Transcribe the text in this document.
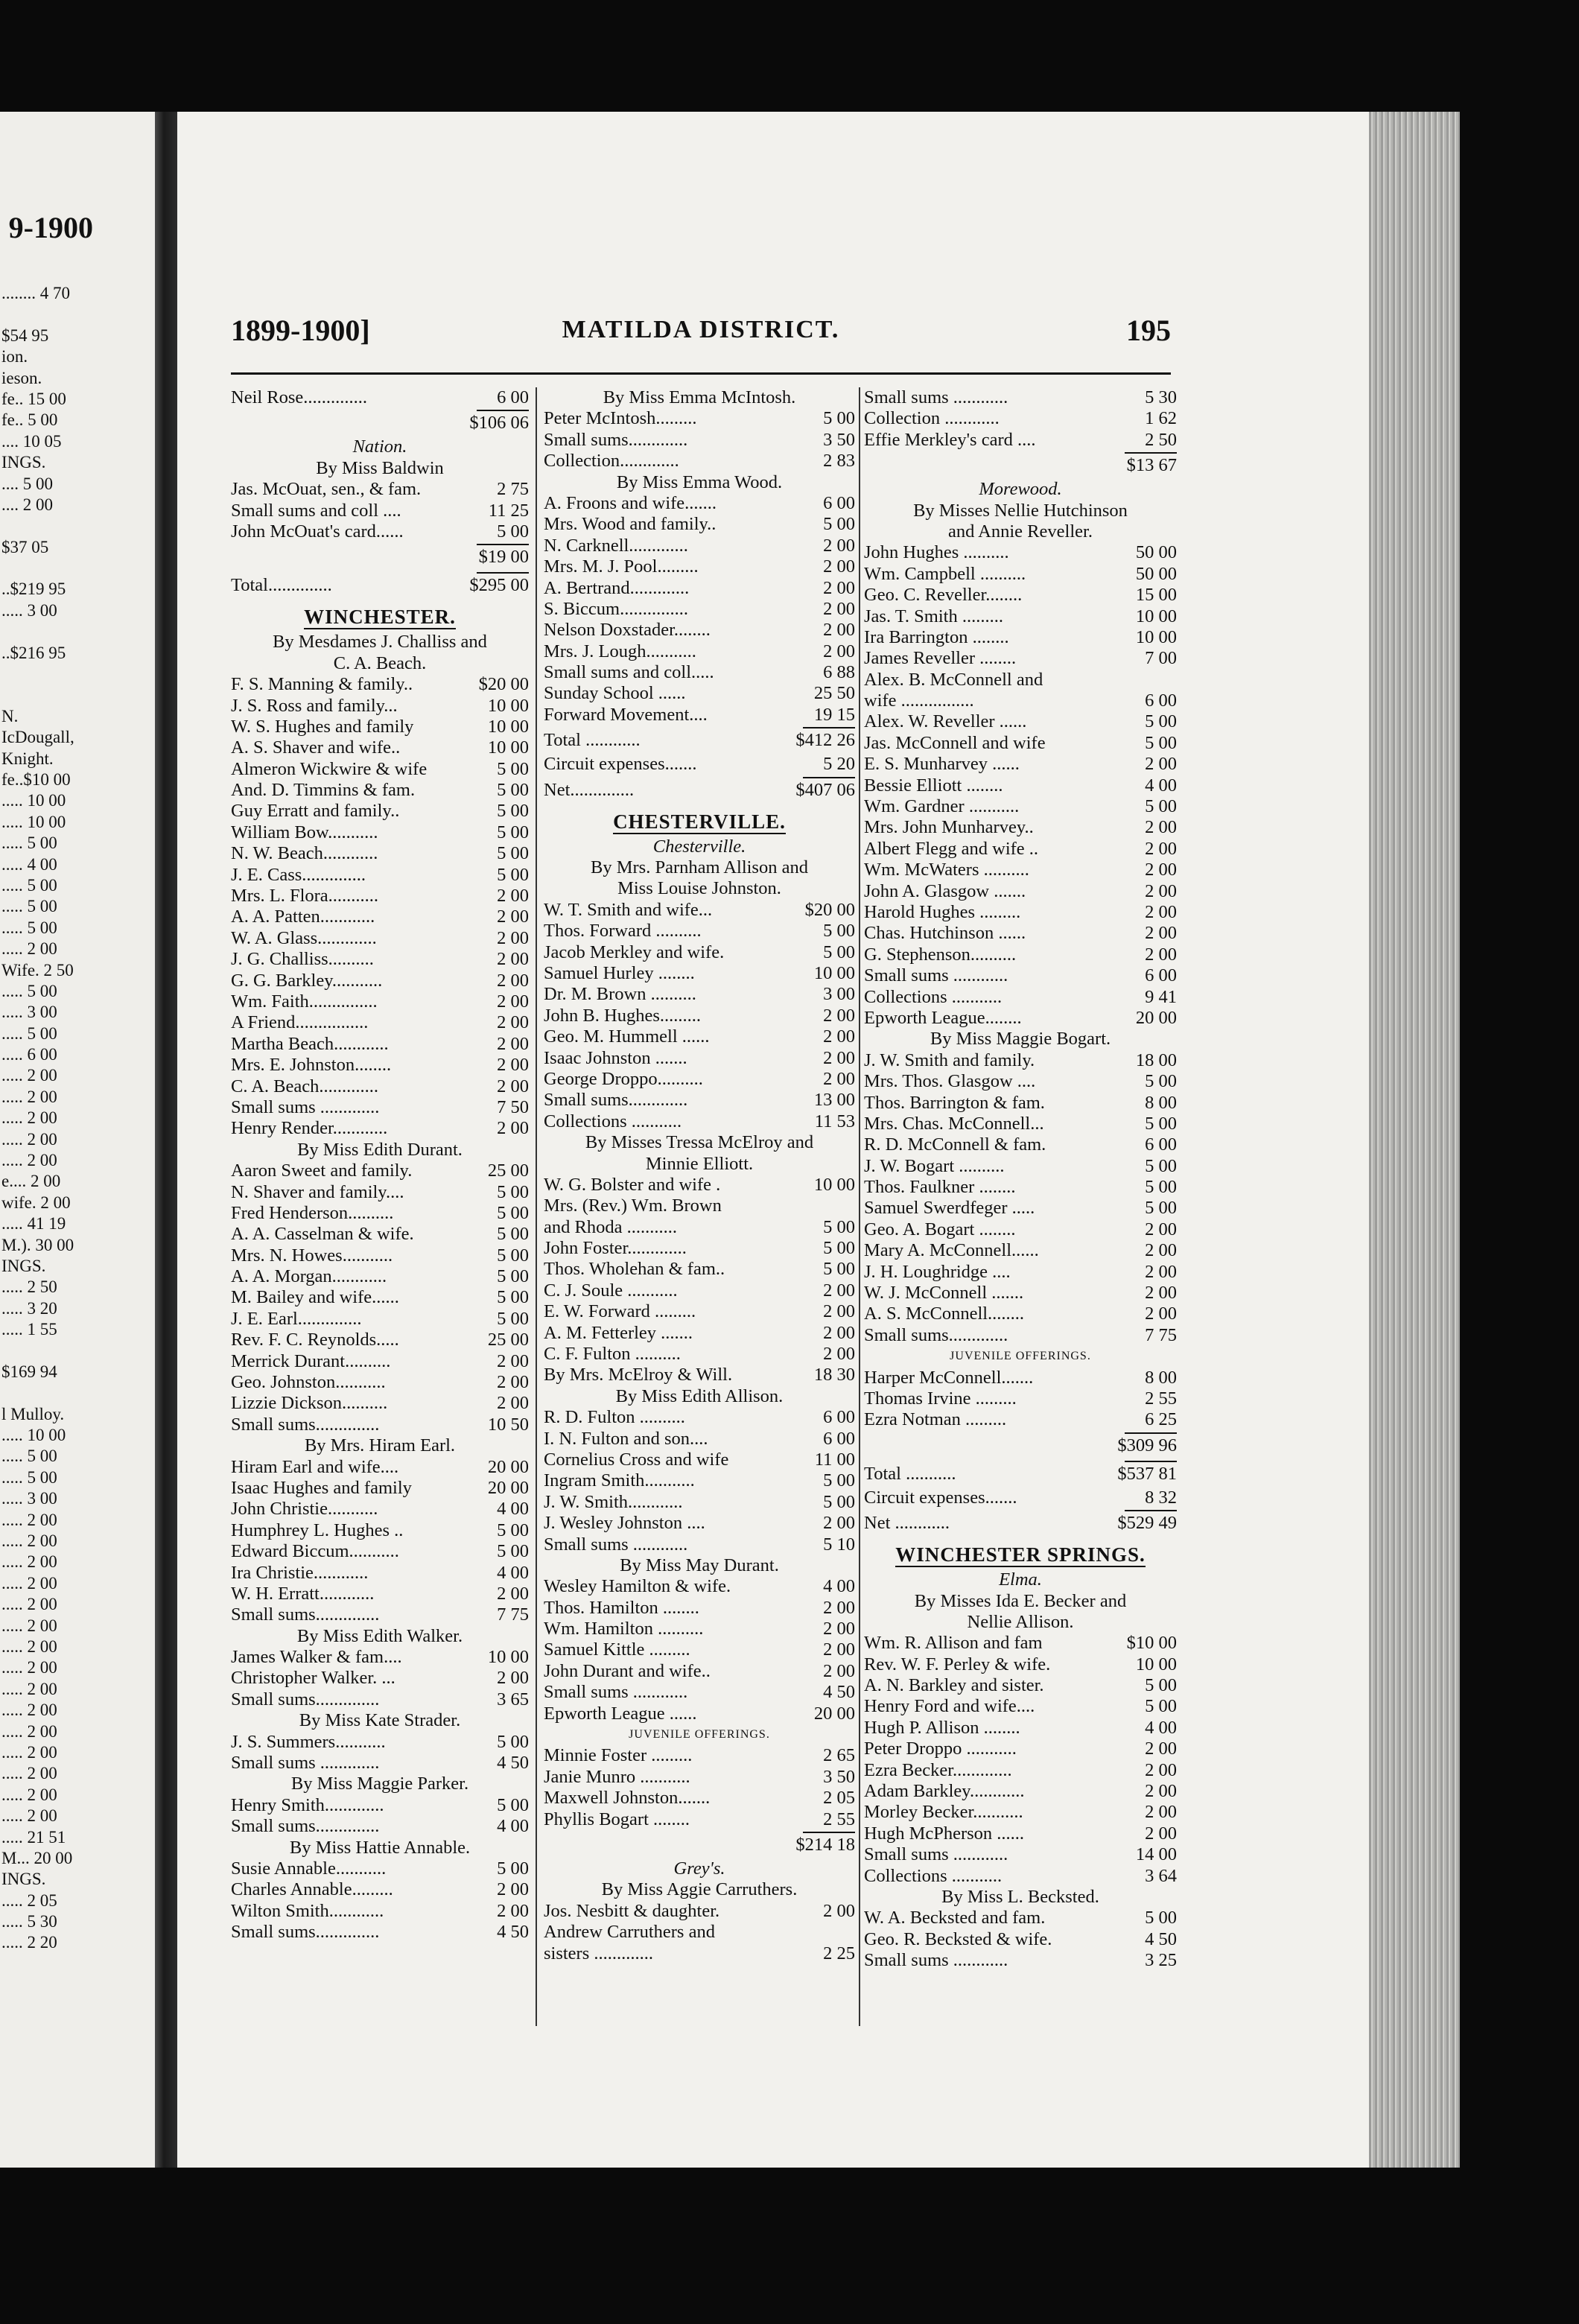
9-1900
........ 4 70
$54 95
ion.
ieson.
fe.. 15 00
fe.. 5 00
.... 10 05
INGS.
.... 5 00
.... 2 00
$37 05
..$219 95
..... 3 00
..$216 95
N.
IcDougall,
Knight.
fe..$10 00
..... 10 00
..... 10 00
..... 5 00
..... 4 00
..... 5 00
..... 5 00
..... 5 00
..... 2 00
Wife. 2 50
..... 5 00
..... 3 00
..... 5 00
..... 6 00
..... 2 00
..... 2 00
..... 2 00
..... 2 00
..... 2 00
e.... 2 00
wife. 2 00
..... 41 19
M.). 30 00
INGS.
..... 2 50
..... 3 20
..... 1 55
$169 94
l Mulloy.
..... 10 00
..... 5 00
..... 5 00
..... 3 00
..... 2 00
..... 2 00
..... 2 00
..... 2 00
..... 2 00
..... 2 00
..... 2 00
..... 2 00
..... 2 00
..... 2 00
..... 2 00
..... 2 00
..... 2 00
..... 2 00
..... 2 00
..... 21 51
M... 20 00
INGS.
..... 2 05
..... 5 30
..... 2 20
1899-1900]	MATILDA DISTRICT.	195
Neil Rose..............	6 00
$106 06
Nation.
By Miss Baldwin
Jas. McOuat, sen., & fam.	2 75
Small sums and coll ....	11 25
John McOuat's card......	5 00
$19 00
Total..............	$295 00
WINCHESTER.
By Mesdames J. Challiss and
C. A. Beach.
F. S. Manning & family..	$20 00
J. S. Ross and family...	10 00
W. S. Hughes and family	10 00
A. S. Shaver and wife..	10 00
Almeron Wickwire & wife	5 00
And. D. Timmins & fam.	5 00
Guy Erratt and family..	5 00
William Bow...........	5 00
N. W. Beach............	5 00
J. E. Cass..............	5 00
Mrs. L. Flora...........	2 00
A. A. Patten............	2 00
W. A. Glass.............	2 00
J. G. Challiss..........	2 00
G. G. Barkley...........	2 00
Wm. Faith...............	2 00
A Friend................	2 00
Martha Beach............	2 00
Mrs. E. Johnston........	2 00
C. A. Beach.............	2 00
Small sums .............	7 50
Henry Render............	2 00
By Miss Edith Durant.
Aaron Sweet and family.	25 00
N. Shaver and family....	5 00
Fred Henderson..........	5 00
A. A. Casselman & wife.	5 00
Mrs. N. Howes...........	5 00
A. A. Morgan............	5 00
M. Bailey and wife......	5 00
J. E. Earl..............	5 00
Rev. F. C. Reynolds.....	25 00
Merrick Durant..........	2 00
Geo. Johnston...........	2 00
Lizzie Dickson..........	2 00
Small sums..............	10 50
By Mrs. Hiram Earl.
Hiram Earl and wife....	20 00
Isaac Hughes and family	20 00
John Christie...........	4 00
Humphrey L. Hughes ..	5 00
Edward Biccum...........	5 00
Ira Christie............	4 00
W. H. Erratt............	2 00
Small sums..............	7 75
By Miss Edith Walker.
James Walker & fam....	10 00
Christopher Walker. ...	2 00
Small sums..............	3 65
By Miss Kate Strader.
J. S. Summers...........	5 00
Small sums .............	4 50
By Miss Maggie Parker.
Henry Smith.............	5 00
Small sums..............	4 00
By Miss Hattie Annable.
Susie Annable...........	5 00
Charles Annable.........	2 00
Wilton Smith............	2 00
Small sums..............	4 50
By Miss Emma McIntosh.
Peter McIntosh.........	5 00
Small sums.............	3 50
Collection.............	2 83
By Miss Emma Wood.
A. Froons and wife.......	6 00
Mrs. Wood and family..	5 00
N. Carknell.............	2 00
Mrs. M. J. Pool.........	2 00
A. Bertrand.............	2 00
S. Biccum...............	2 00
Nelson Doxstader........	2 00
Mrs. J. Lough...........	2 00
Small sums and coll.....	6 88
Sunday School ......	25 50
Forward Movement....	19 15
Total ............	$412 26
Circuit expenses.......	5 20
Net..............	$407 06
CHESTERVILLE.
Chesterville.
By Mrs. Parnham Allison and
Miss Louise Johnston.
W. T. Smith and wife...	$20 00
Thos. Forward ..........	5 00
Jacob Merkley and wife.	5 00
Samuel Hurley ........	10 00
Dr. M. Brown ..........	3 00
John B. Hughes.........	2 00
Geo. M. Hummell ......	2 00
Isaac Johnston .......	2 00
George Droppo..........	2 00
Small sums.............	13 00
Collections ...........	11 53
By Misses Tressa McElroy and
Minnie Elliott.
W. G. Bolster and wife .	10 00
Mrs. (Rev.) Wm. Brown
and Rhoda ...........	5 00
John Foster.............	5 00
Thos. Wholehan & fam..	5 00
C. J. Soule ...........	2 00
E. W. Forward .........	2 00
A. M. Fetterley .......	2 00
C. F. Fulton ..........	2 00
By Mrs. McElroy & Will.	18 30
By Miss Edith Allison.
R. D. Fulton ..........	6 00
I. N. Fulton and son....	6 00
Cornelius Cross and wife	11 00
Ingram Smith...........	5 00
J. W. Smith............	5 00
J. Wesley Johnston ....	2 00
Small sums ............	5 10
By Miss May Durant.
Wesley Hamilton & wife.	4 00
Thos. Hamilton ........	2 00
Wm. Hamilton ..........	2 00
Samuel Kittle .........	2 00
John Durant and wife..	2 00
Small sums ............	4 50
Epworth League ......	20 00
JUVENILE OFFERINGS.
Minnie Foster .........	2 65
Janie Munro ...........	3 50
Maxwell Johnston.......	2 05
Phyllis Bogart ........	2 55
$214 18
Grey's.
By Miss Aggie Carruthers.
Jos. Nesbitt & daughter.	2 00
Andrew Carruthers and
sisters .............	2 25
Small sums ............	5 30
Collection ............	1 62
Effie Merkley's card ....	2 50
$13 67
Morewood.
By Misses Nellie Hutchinson
and Annie Reveller.
John Hughes ..........	50 00
Wm. Campbell ..........	50 00
Geo. C. Reveller........	15 00
Jas. T. Smith .........	10 00
Ira Barrington ........	10 00
James Reveller ........	7 00
Alex. B. McConnell and
wife ................	6 00
Alex. W. Reveller ......	5 00
Jas. McConnell and wife	5 00
E. S. Munharvey ......	2 00
Bessie Elliott ........	4 00
Wm. Gardner ...........	5 00
Mrs. John Munharvey..	2 00
Albert Flegg and wife ..	2 00
Wm. McWaters ..........	2 00
John A. Glasgow .......	2 00
Harold Hughes .........	2 00
Chas. Hutchinson ......	2 00
G. Stephenson..........	2 00
Small sums ............	6 00
Collections ...........	9 41
Epworth League........	20 00
By Miss Maggie Bogart.
J. W. Smith and family.	18 00
Mrs. Thos. Glasgow ....	5 00
Thos. Barrington & fam.	8 00
Mrs. Chas. McConnell...	5 00
R. D. McConnell & fam.	6 00
J. W. Bogart ..........	5 00
Thos. Faulkner ........	5 00
Samuel Swerdfeger .....	5 00
Geo. A. Bogart ........	2 00
Mary A. McConnell......	2 00
J. H. Loughridge ....	2 00
W. J. McConnell .......	2 00
A. S. McConnell........	2 00
Small sums.............	7 75
JUVENILE OFFERINGS.
Harper McConnell.......	8 00
Thomas Irvine .........	2 55
Ezra Notman .........	6 25
$309 96
Total ...........	$537 81
Circuit expenses.......	8 32
Net ............	$529 49
WINCHESTER SPRINGS.
Elma.
By Misses Ida E. Becker and
Nellie Allison.
Wm. R. Allison and fam	$10 00
Rev. W. F. Perley & wife.	10 00
A. N. Barkley and sister.	5 00
Henry Ford and wife....	5 00
Hugh P. Allison ........	4 00
Peter Droppo ...........	2 00
Ezra Becker.............	2 00
Adam Barkley............	2 00
Morley Becker...........	2 00
Hugh McPherson ......	2 00
Small sums ............	14 00
Collections ...........	3 64
By Miss L. Becksted.
W. A. Becksted and fam.	5 00
Geo. R. Becksted & wife.	4 50
Small sums ............	3 25
